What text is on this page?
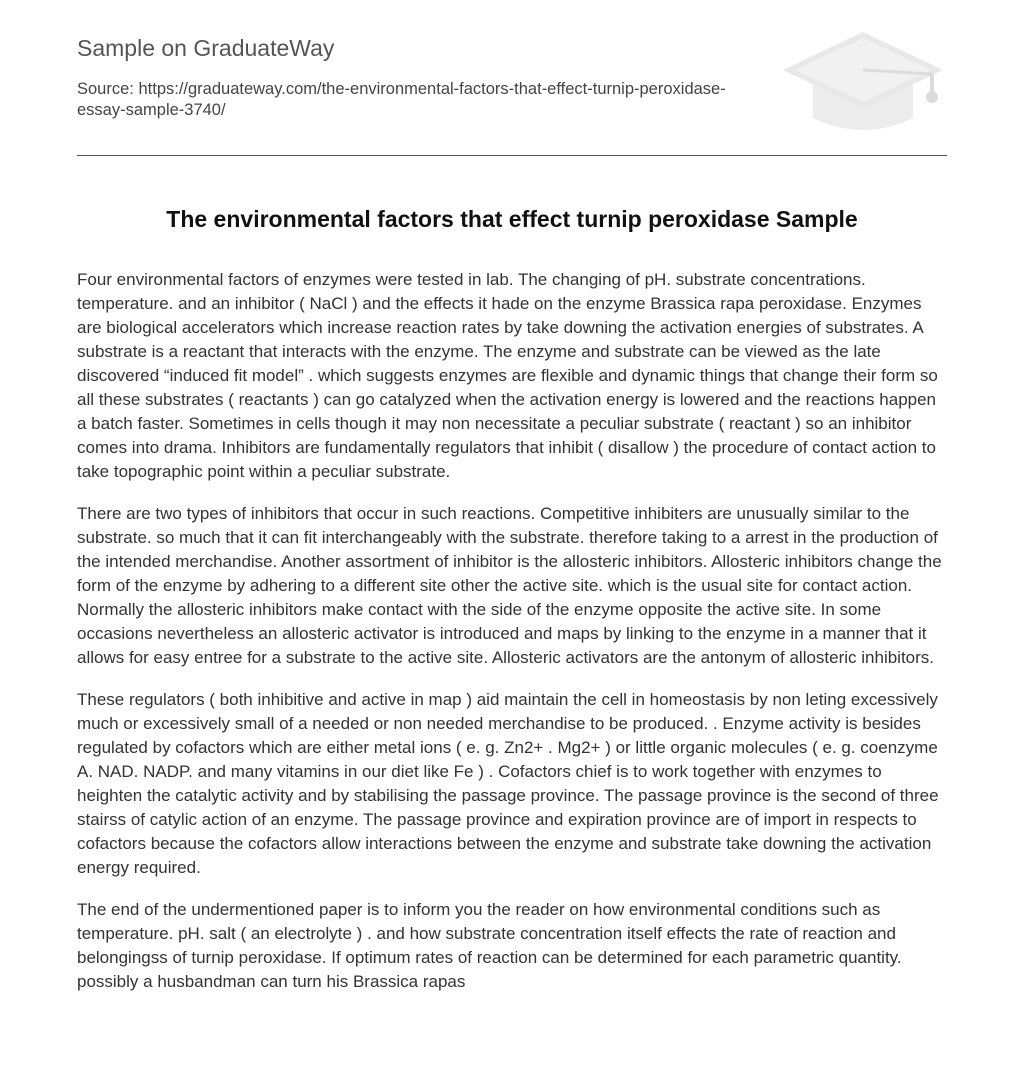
Sample on GraduateWay
Source: https://graduateway.com/the-environmental-factors-that-effect-turnip-peroxidase-essay-sample-3740/
The environmental factors that effect turnip peroxidase Sample

Four environmental factors of enzymes were tested in lab. The changing of pH. substrate concentrations. temperature. and an inhibitor ( NaCl ) and the effects it hade on the enzyme Brassica rapa peroxidase. Enzymes are biological accelerators which increase reaction rates by take downing the activation energies of substrates. A substrate is a reactant that interacts with the enzyme. The enzyme and substrate can be viewed as the late discovered “induced fit model” . which suggests enzymes are flexible and dynamic things that change their form so all these substrates ( reactants ) can go catalyzed when the activation energy is lowered and the reactions happen a batch faster. Sometimes in cells though it may non necessitate a peculiar substrate ( reactant ) so an inhibitor comes into drama. Inhibitors are fundamentally regulators that inhibit ( disallow ) the procedure of contact action to take topographic point within a peculiar substrate.

There are two types of inhibitors that occur in such reactions. Competitive inhibiters are unusually similar to the substrate. so much that it can fit interchangeably with the substrate. therefore taking to a arrest in the production of the intended merchandise. Another assortment of inhibitor is the allosteric inhibitors. Allosteric inhibitors change the form of the enzyme by adhering to a different site other the active site. which is the usual site for contact action. Normally the allosteric inhibitors make contact with the side of the enzyme opposite the active site. In some occasions nevertheless an allosteric activator is introduced and maps by linking to the enzyme in a manner that it allows for easy entree for a substrate to the active site. Allosteric activators are the antonym of allosteric inhibitors.

These regulators ( both inhibitive and active in map ) aid maintain the cell in homeostasis by non leting excessively much or excessively small of a needed or non needed merchandise to be produced. . Enzyme activity is besides regulated by cofactors which are either metal ions ( e. g. Zn2+ . Mg2+ ) or little organic molecules ( e. g. coenzyme A. NAD. NADP. and many vitamins in our diet like Fe ) . Cofactors chief is to work together with enzymes to heighten the catalytic activity and by stabilising the passage province. The passage province is the second of three stairss of catylic action of an enzyme. The passage province and expiration province are of import in respects to cofactors because the cofactors allow interactions between the enzyme and substrate take downing the activation energy required.

The end of the undermentioned paper is to inform you the reader on how environmental conditions such as temperature. pH. salt ( an electrolyte ) . and how substrate concentration itself effects the rate of reaction and belongingss of turnip peroxidase. If optimum rates of reaction can be determined for each parametric quantity. possibly a husbandman can turn his Brassica rapas
